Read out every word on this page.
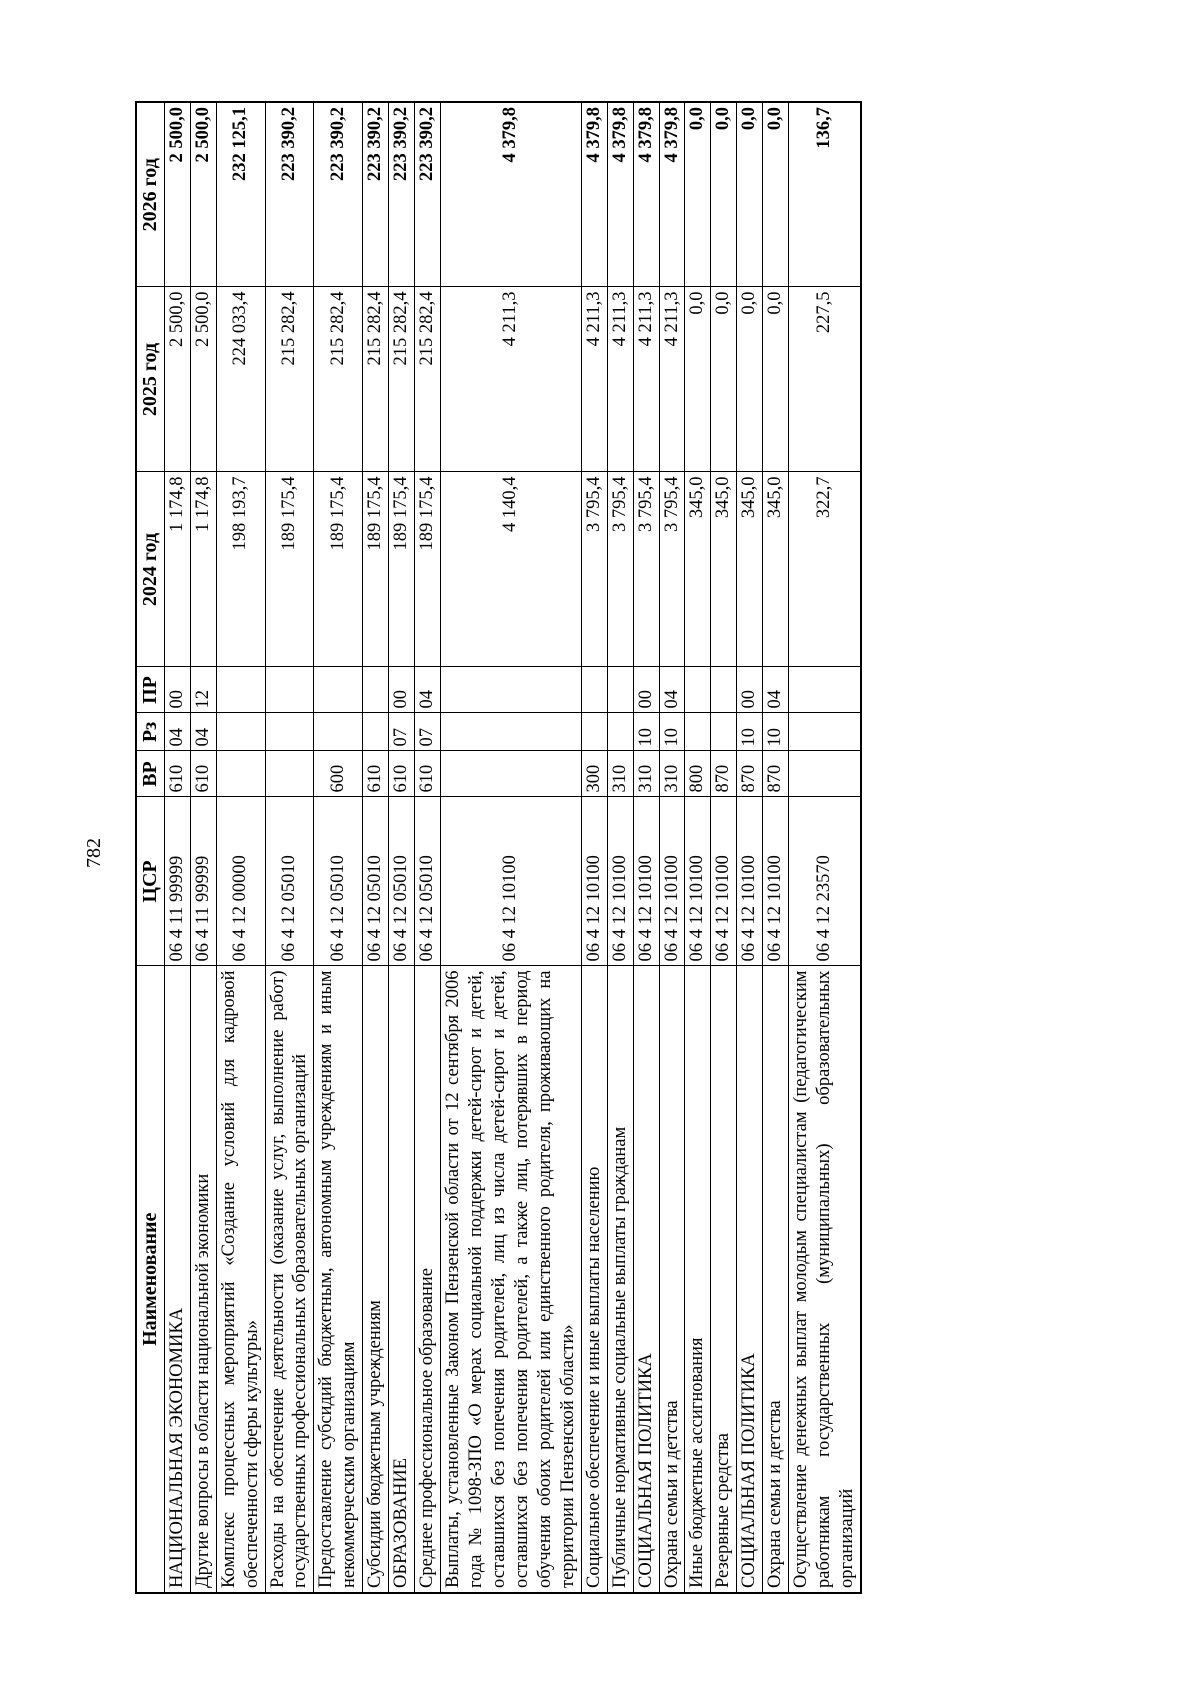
782
Наименование	ЦСР	ВР	Рз	ПР	2024 год	2025 год	2026 год
НАЦИОНАЛЬНАЯ ЭКОНОМИКА	06 4 11 99999	610	04	00	1 174,8	2 500,0	2 500,0
Другие вопросы в области национальной экономики	06 4 11 99999	610	04	12	1 174,8	2 500,0	2 500,0
Комплекс процессных мероприятий «Создание условий для кадровой обеспеченности сферы культуры»	06 4 12 00000				198 193,7	224 033,4	232 125,1
Расходы на обеспечение деятельности (оказание услуг, выполнение работ) государственных профессиональных образовательных организаций	06 4 12 05010				189 175,4	215 282,4	223 390,2
Предоставление субсидий бюджетным, автономным учреждениям и иным некоммерческим организациям	06 4 12 05010	600			189 175,4	215 282,4	223 390,2
Субсидии бюджетным учреждениям	06 4 12 05010	610			189 175,4	215 282,4	223 390,2
ОБРАЗОВАНИЕ	06 4 12 05010	610	07	00	189 175,4	215 282,4	223 390,2
Среднее профессиональное образование	06 4 12 05010	610	07	04	189 175,4	215 282,4	223 390,2
Выплаты, установленные Законом Пензенской области от 12 сентября 2006 года № 1098-ЗПО «О мерах социальной поддержки детей-сирот и детей, оставшихся без попечения родителей, лиц из числа детей-сирот и детей, оставшихся без попечения родителей, а также лиц, потерявших в период обучения обоих родителей или единственного родителя, проживающих на территории Пензенской области»	06 4 12 10100				4 140,4	4 211,3	4 379,8
Социальное обеспечение и иные выплаты населению	06 4 12 10100	300			3 795,4	4 211,3	4 379,8
Публичные нормативные социальные выплаты гражданам	06 4 12 10100	310			3 795,4	4 211,3	4 379,8
СОЦИАЛЬНАЯ ПОЛИТИКА	06 4 12 10100	310	10	00	3 795,4	4 211,3	4 379,8
Охрана семьи и детства	06 4 12 10100	310	10	04	3 795,4	4 211,3	4 379,8
Иные бюджетные ассигнования	06 4 12 10100	800			345,0	0,0	0,0
Резервные средства	06 4 12 10100	870			345,0	0,0	0,0
СОЦИАЛЬНАЯ ПОЛИТИКА	06 4 12 10100	870	10	00	345,0	0,0	0,0
Охрана семьи и детства	06 4 12 10100	870	10	04	345,0	0,0	0,0
Осуществление денежных выплат молодым специалистам (педагогическим работникам государственных (муниципальных) образовательных организаций	06 4 12 23570				322,7	227,5	136,7
